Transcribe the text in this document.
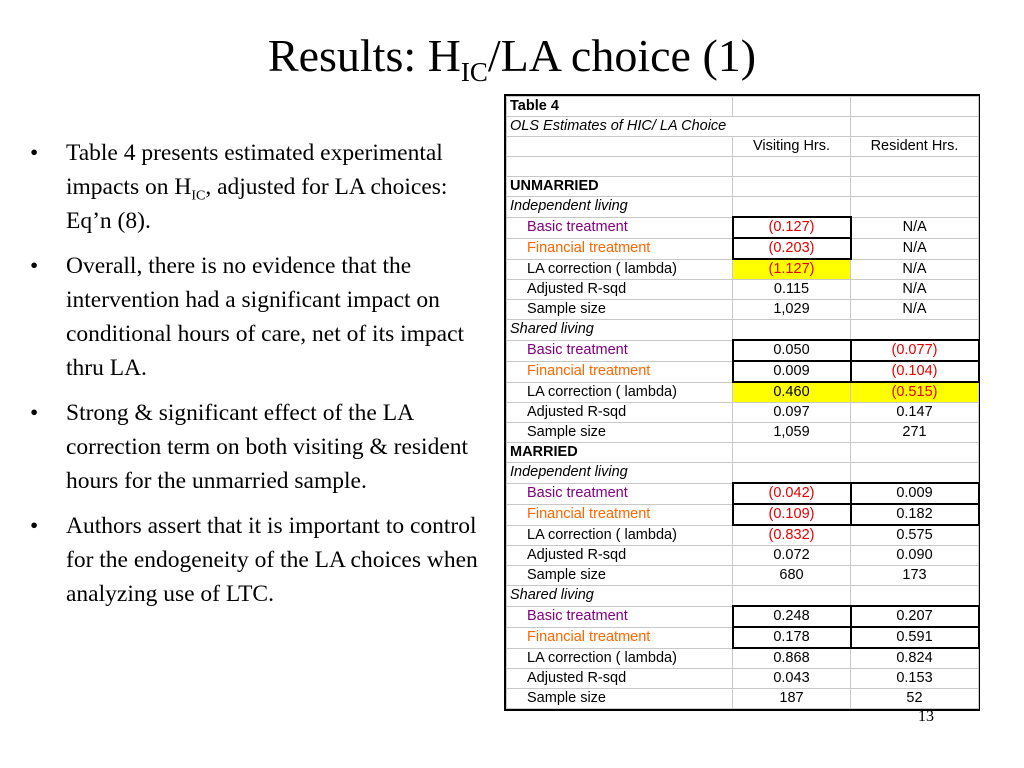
Results: $H_{IC}/LA$ choice (1)
• Table 4 presents estimated experimental impacts on $H_{IC}$, adjusted for LA choices: Eq’n (8).
• Overall, there is no evidence that the intervention had a significant impact on conditional hours of care, net of its impact thru LA.
• Strong & significant effect of the LA correction term on both visiting & resident hours for the unmarried sample.
• Authors assert that it is important to control for the endogeneity of the LA choices when analyzing use of LTC.
Table 4		
OLS Estimates of HIC/ LA Choice		
	Visiting Hrs.	Resident Hrs.

UNMARRIED		
Independent living		
Basic treatment	(0.127)	N/A
Financial treatment	(0.203)	N/A
LA correction ( lambda)	(1.127)	N/A
Adjusted R-sqd	0.115	N/A
Sample size	1,029	N/A
Shared living		
Basic treatment	0.050	(0.077)
Financial treatment	0.009	(0.104)
LA correction ( lambda)	0.460	(0.515)
Adjusted R-sqd	0.097	0.147
Sample size	1,059	271
MARRIED		
Independent living		
Basic treatment	(0.042)	0.009
Financial treatment	(0.109)	0.182
LA correction ( lambda)	(0.832)	0.575
Adjusted R-sqd	0.072	0.090
Sample size	680	173
Shared living		
Basic treatment	0.248	0.207
Financial treatment	0.178	0.591
LA correction ( lambda)	0.868	0.824
Adjusted R-sqd	0.043	0.153
Sample size	187	52
13
